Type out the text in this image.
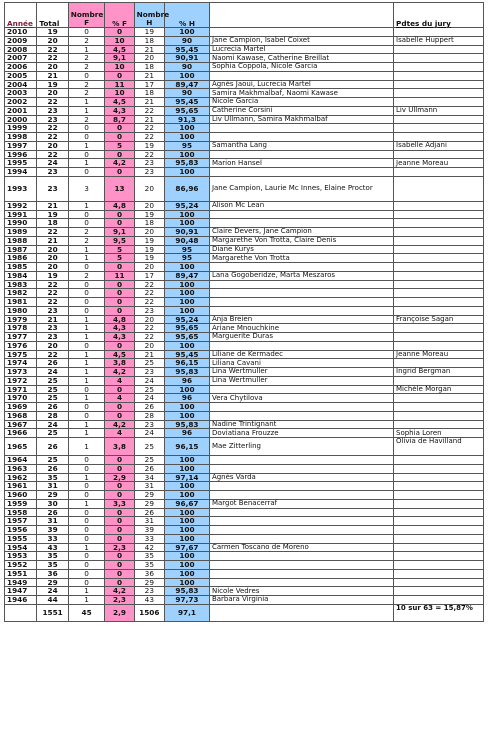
Année	Total	Nombre F	% F	Nombre H	% H		Pdtes du jury
2010	19	0	0	19	100		
2009	20	2	10	18	90	Jane Campion, Isabel Coixet	Isabelle Huppert
2008	22	1	4,5	21	95,45	Lucrecia Martel	
2007	22	2	9,1	20	90,91	Naomi Kawase, Catherine Breillat	
2006	20	2	10	18	90	Sophia Coppola, Nicole Garcia	
2005	21	0	0	21	100		
2004	19	2	11	17	89,47	Agnès Jaoui, Lucrecia Martel	
2003	20	2	10	18	90	Samira Makhmalbaf, Naomi Kawase	
2002	22	1	4,5	21	95,45	Nicole Garcia	
2001	23	1	4,3	22	95,65	Catherine Corsini	Liv Ullmann
2000	23	2	8,7	21	91,3	Liv Ullmann, Samira Makhmalbaf	
1999	22	0	0	22	100		
1998	22	0	0	22	100		
1997	20	1	5	19	95	Samantha Lang	Isabelle Adjani
1996	22	0	0	22	100		
1995	24	1	4,2	23	95,83	Marion Hansel	Jeanne Moreau
1994	23	0	0	23	100		
1993	23	3	13	20	86,96	Jane Campion, Laurie Mc Innes, Elaine Proctor	
1992	21	1	4,8	20	95,24	Alison Mc Lean	
1991	19	0	0	19	100		
1990	18	0	0	18	100		
1989	22	2	9,1	20	90,91	Claire Devers, Jane Campion	
1988	21	2	9,5	19	90,48	Margarethe Von Trotta, Claire Denis	
1987	20	1	5	19	95	Diane Kurys	
1986	20	1	5	19	95	Margarethe Von Trotta	
1985	20	0	0	20	100		
1984	19	2	11	17	89,47	Lana Gogoberidze, Marta Meszaros	
1983	22	0	0	22	100		
1982	22	0	0	22	100		
1981	22	0	0	22	100		
1980	23	0	0	23	100		
1979	21	1	4,8	20	95,24	Anja Breien	Françoise Sagan
1978	23	1	4,3	22	95,65	Ariane Mnouchkine	
1977	23	1	4,3	22	95,65	Marguerite Duras	
1976	20	0	0	20	100		
1975	22	1	4,5	21	95,45	Liliane de Kermadec	Jeanne Moreau
1974	26	1	3,8	25	96,15	Liliana Cavani	
1973	24	1	4,2	23	95,83	Lina Wertmuller	Ingrid Bergman
1972	25	1	4	24	96	Lina Wertmuller	
1971	25	0	0	25	100		Michèle Morgan
1970	25	1	4	24	96	Vera Chytilova	
1969	26	0	0	26	100		
1968	28	0	0	28	100		
1967	24	1	4,2	23	95,83	Nadine Trintignant	
1966	25	1	4	24	96	Doviatiana Frouzze	Sophia Loren
1965	26	1	3,8	25	96,15	Mae Zitterling	Olivia de Havilland
1964	25	0	0	25	100		
1963	26	0	0	26	100		
1962	35	1	2,9	34	97,14	Agnès Varda	
1961	31	0	0	31	100		
1960	29	0	0	29	100		
1959	30	1	3,3	29	96,67	Margot Benacerraf	
1958	26	0	0	26	100		
1957	31	0	0	31	100		
1956	39	0	0	39	100		
1955	33	0	0	33	100		
1954	43	1	2,3	42	97,67	Carmen Toscano de Moreno	
1953	35	0	0	35	100		
1952	35	0	0	35	100		
1951	36	0	0	36	100		
1949	29	0	0	29	100		
1947	24	1	4,2	23	95,83	Nicole Vedres	
1946	44	1	2,3	43	97,73	Barbara Virginia	
	1551	45	2,9	1506	97,1		10 sur 63 = 15,87%
